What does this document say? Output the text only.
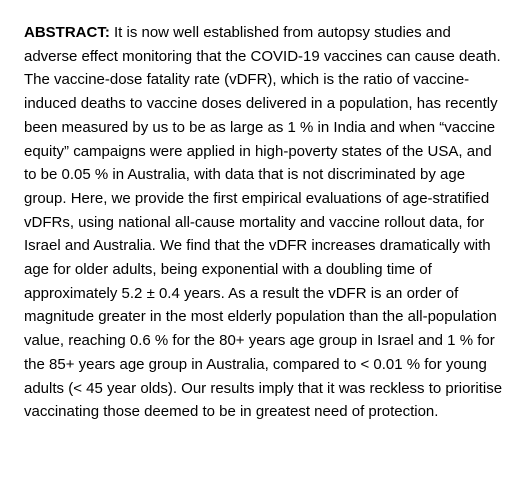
ABSTRACT: It is now well established from autopsy studies and
adverse effect monitoring that the COVID-19 vaccines can cause death.
The vaccine-dose fatality rate (vDFR), which is the ratio of vaccine-
induced deaths to vaccine doses delivered in a population, has recently
been measured by us to be as large as 1 % in India and when “vaccine
equity” campaigns were applied in high-poverty states of the USA, and
to be 0.05 % in Australia, with data that is not discriminated by age
group. Here, we provide the first empirical evaluations of age-stratified
vDFRs, using national all-cause mortality and vaccine rollout data, for
Israel and Australia. We find that the vDFR increases dramatically with
age for older adults, being exponential with a doubling time of
approximately 5.2 ± 0.4 years. As a result the vDFR is an order of
magnitude greater in the most elderly population than the all-population
value, reaching 0.6 % for the 80+ years age group in Israel and 1 % for
the 85+ years age group in Australia, compared to < 0.01 % for young
adults (< 45 year olds). Our results imply that it was reckless to prioritise
vaccinating those deemed to be in greatest need of protection.
